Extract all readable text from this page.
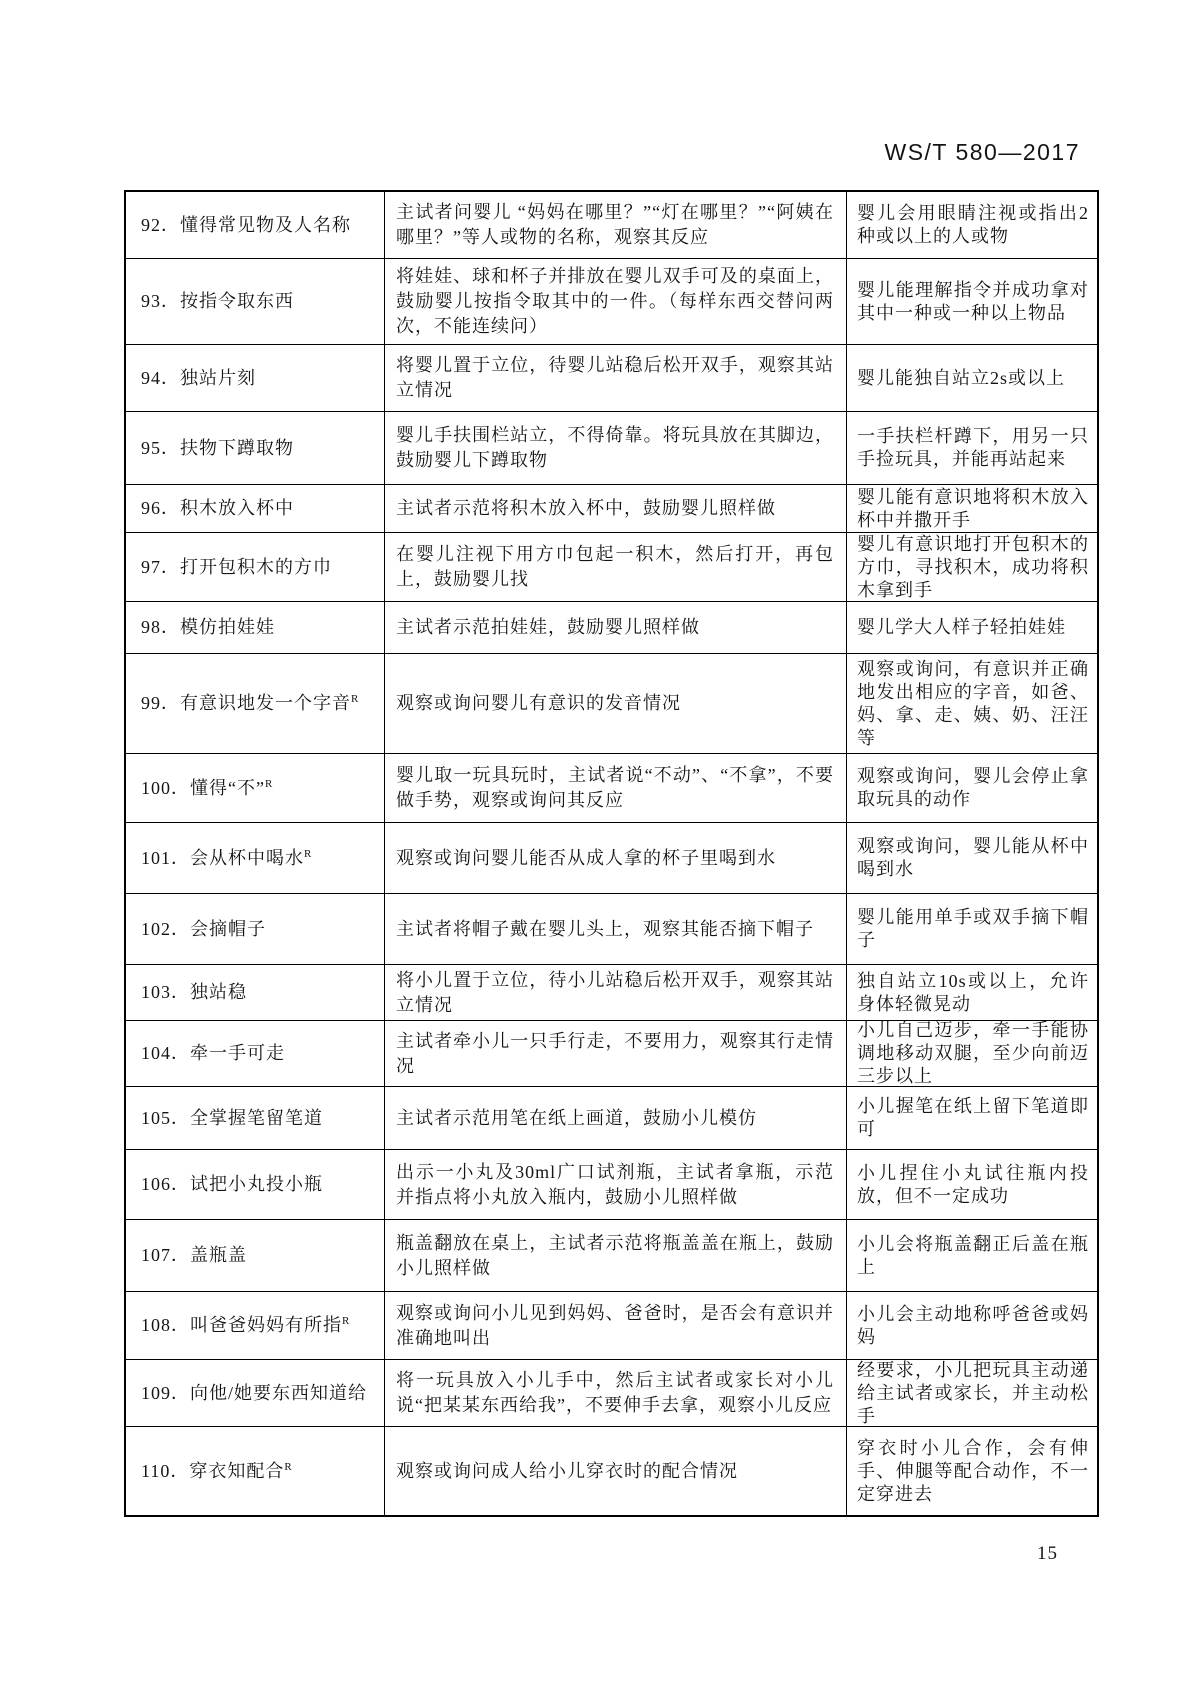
WS/T 580—2017
92．懂得常见物及人名称
主试者问婴儿 “妈妈在哪里？”“灯在哪里？”“阿姨在哪里？”等人或物的名称，观察其反应
婴儿会用眼睛注视或指出2种或以上的人或物
93．按指令取东西
将娃娃、球和杯子并排放在婴儿双手可及的桌面上，鼓励婴儿按指令取其中的一件。（每样东西交替问两次，不能连续问）
婴儿能理解指令并成功拿对其中一种或一种以上物品
94．独站片刻
将婴儿置于立位，待婴儿站稳后松开双手，观察其站立情况
婴儿能独自站立2s或以上
95．扶物下蹲取物
婴儿手扶围栏站立，不得倚靠。将玩具放在其脚边，鼓励婴儿下蹲取物
一手扶栏杆蹲下，用另一只手捡玩具，并能再站起来
96．积木放入杯中	主试者示范将积木放入杯中，鼓励婴儿照样做
婴儿能有意识地将积木放入杯中并撒开手
97．打开包积木的方巾
在婴儿注视下用方巾包起一积木，然后打开，再包上，鼓励婴儿找
婴儿有意识地打开包积木的方巾，寻找积木，成功将积木拿到手
98．模仿拍娃娃	主试者示范拍娃娃，鼓励婴儿照样做	婴儿学大人样子轻拍娃娃
99．有意识地发一个字音$^R$	观察或询问婴儿有意识的发音情况
观察或询问，有意识并正确地发出相应的字音，如爸、妈、拿、走、姨、奶、汪汪等
100．懂得“不”$^R$	婴儿取一玩具玩时，主试者说“不动”、“不拿”，不要做手势，观察或询问其反应
观察或询问，婴儿会停止拿取玩具的动作
101．会从杯中喝水$^R$	观察或询问婴儿能否从成人拿的杯子里喝到水
观察或询问，婴儿能从杯中喝到水
102．会摘帽子	主试者将帽子戴在婴儿头上，观察其能否摘下帽子
婴儿能用单手或双手摘下帽子
103．独站稳
将小儿置于立位，待小儿站稳后松开双手，观察其站立情况
独自站立10s或以上，允许身体轻微晃动
104．牵一手可走
主试者牵小儿一只手行走，不要用力，观察其行走情况
小儿自己迈步，牵一手能协调地移动双腿，至少向前迈三步以上
105．全掌握笔留笔道	主试者示范用笔在纸上画道，鼓励小儿模仿
小儿握笔在纸上留下笔道即可
106．试把小丸投小瓶
出示一小丸及30ml广口试剂瓶，主试者拿瓶，示范并指点将小丸放入瓶内，鼓励小儿照样做
小儿捏住小丸试往瓶内投放，但不一定成功
107．盖瓶盖
瓶盖翻放在桌上，主试者示范将瓶盖盖在瓶上，鼓励小儿照样做
小儿会将瓶盖翻正后盖在瓶上
108．叫爸爸妈妈有所指$^R$	观察或询问小儿见到妈妈、爸爸时，是否会有意识并准确地叫出
小儿会主动地称呼爸爸或妈妈
109．向他/她要东西知道给
将一玩具放入小儿手中，然后主试者或家长对小儿说“把某某东西给我”，不要伸手去拿，观察小儿反应
经要求，小儿把玩具主动递给主试者或家长，并主动松手
110．穿衣知配合$^R$	观察或询问成人给小儿穿衣时的配合情况
穿衣时小儿合作，会有伸手、伸腿等配合动作，不一定穿进去
15
